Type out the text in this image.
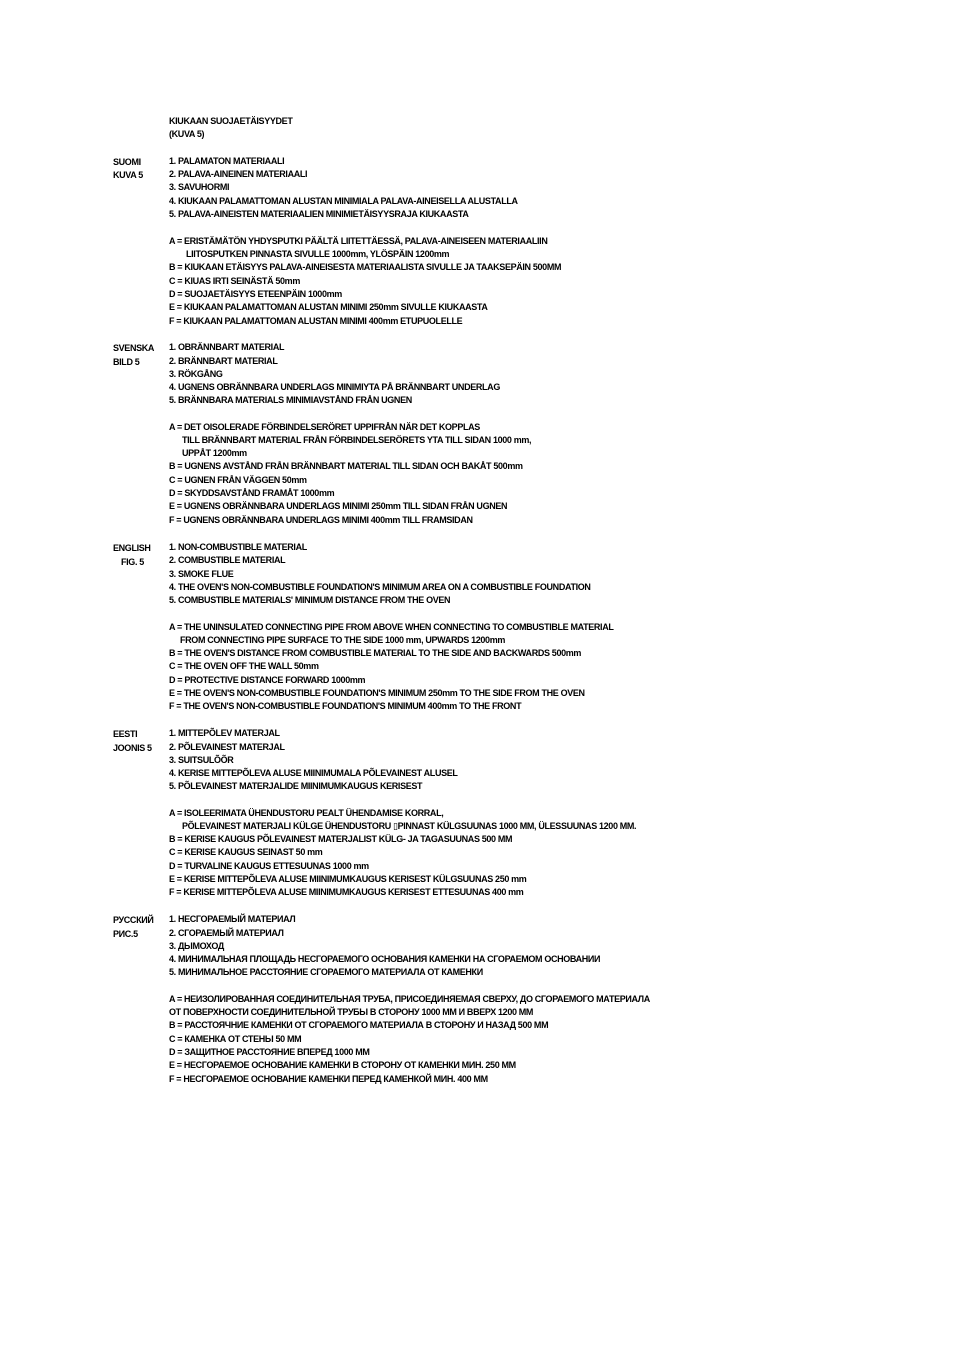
KIUKAAN SUOJAETÄISYYDET
(KUVA 5)
SUOMI
KUVA 5
1. PALAMATON MATERIAALI
2. PALAVA-AINEINEN MATERIAALI
3. SAVUHORMI
4. KIUKAAN PALAMATTOMAN ALUSTAN MINIMIALA PALAVA-AINEISELLA ALUSTALLA
5. PALAVA-AINEISTEN MATERIAALIEN MINIMIETÄISYYSRAJA KIUKAASTA
A = ERISTÄMÄTÖN YHDYSPUTKI PÄÄLTÄ LIITETTÄESSÄ, PALAVA-AINEISEEN MATERIAALIIN
LIITOSPUTKEN PINNASTA SIVULLE 1000mm, YLÖSPÄIN 1200mm
B = KIUKAAN ETÄISYYS PALAVA-AINEISESTA MATERIAALISTA SIVULLE JA TAAKSEPÄIN 500MM
C = KIUAS IRTI SEINÄSTÄ 50mm
D = SUOJAETÄISYYS ETEENPÄIN 1000mm
E = KIUKAAN PALAMATTOMAN ALUSTAN MINIMI 250mm SIVULLE KIUKAASTA
F = KIUKAAN PALAMATTOMAN ALUSTAN MINIMI 400mm ETUPUOLELLE
SVENSKA
BILD 5
1. OBRÄNNBART MATERIAL
2. BRÄNNBART MATERIAL
3. RÖKGÅNG
4. UGNENS OBRÄNNBARA UNDERLAGS MINIMIYTA PÅ BRÄNNBART UNDERLAG
5. BRÄNNBARA MATERIALS MINIMIAVSTÅND FRÅN UGNEN
A = DET OISOLERADE FÖRBINDELSERÖRET UPPIFRÅN NÄR DET KOPPLAS
TILL BRÄNNBART MATERIAL FRÅN FÖRBINDELSERÖRETS YTA TILL SIDAN 1000 mm,
UPPÅT 1200mm
B = UGNENS AVSTÅND FRÅN BRÄNNBART MATERIAL TILL SIDAN OCH BAKÅT 500mm
C = UGNEN FRÅN VÄGGEN 50mm
D = SKYDDSAVSTÅND FRAMÅT 1000mm
E = UGNENS OBRÄNNBARA UNDERLAGS MINIMI 250mm TILL SIDAN FRÅN UGNEN
F = UGNENS OBRÄNNBARA UNDERLAGS MINIMI 400mm TILL FRAMSIDAN
ENGLISH
FIG. 5
1. NON-COMBUSTIBLE MATERIAL
2. COMBUSTIBLE MATERIAL
3. SMOKE FLUE
4. THE OVEN'S NON-COMBUSTIBLE FOUNDATION'S MINIMUM AREA ON A COMBUSTIBLE FOUNDATION
5. COMBUSTIBLE MATERIALS' MINIMUM DISTANCE FROM THE OVEN
A = THE UNINSULATED CONNECTING PIPE FROM ABOVE WHEN CONNECTING TO COMBUSTIBLE MATERIAL
FROM CONNECTING PIPE SURFACE TO THE SIDE 1000 mm, UPWARDS 1200mm
B = THE OVEN'S DISTANCE FROM COMBUSTIBLE MATERIAL TO THE SIDE AND BACKWARDS 500mm
C = THE OVEN OFF THE WALL 50mm
D = PROTECTIVE DISTANCE FORWARD 1000mm
E = THE OVEN'S NON-COMBUSTIBLE FOUNDATION'S MINIMUM 250mm TO THE SIDE FROM THE OVEN
F = THE OVEN'S NON-COMBUSTIBLE FOUNDATION'S MINIMUM 400mm TO THE FRONT
EESTI
JOONIS 5
1. MITTEPÕLEV MATERJAL
2. PÕLEVAINEST MATERJAL
3. SUITSULÕÕR
4. KERISE MITTEPÕLEVA ALUSE MIINIMUMALA PÕLEVAINEST ALUSEL
5. PÕLEVAINEST MATERJALIDE MIINIMUMKAUGUS KERISEST
A = ISOLEERIMATA ÜHENDUSTORU PEALT ÜHENDAMISE KORRAL,
PÕLEVAINEST MATERJALI KÜLGE ÜHENDUSTORU ▯PINNAST KÜLGSUUNAS 1000 MM, ÜLESSUUNAS 1200 MM.
B = KERISE KAUGUS PÕLEVAINEST MATERJALIST KÜLG- JA TAGASUUNAS 500 MM
C = KERISE KAUGUS SEINAST 50 mm
D = TURVALINE KAUGUS ETTESUUNAS 1000 mm
E = KERISE MITTEPÕLEVA ALUSE MIINIMUMKAUGUS KERISEST KÜLGSUUNAS 250 mm
F = KERISE MITTEPÕLEVA ALUSE MIINIMUMKAUGUS KERISEST ETTESUUNAS 400 mm
РУССКИЙ
РИС.5
1. НЕСГОРАЕМЫЙ МАТЕРИАЛ
2. СГОРАЕМЫЙ МАТЕРИАЛ
3. ДЫМОХОД
4. МИНИМАЛЬНАЯ ПЛОЩАДЬ НЕСГОРАЕМОГО ОСНОВАНИЯ КАМЕНКИ НА СГОРАЕМОМ ОСНОВАНИИ
5. МИНИМАЛЬНОЕ РАССТОЯНИЕ СГОРАЕМОГО МАТЕРИАЛА ОТ КАМЕНКИ
A = НЕИЗОЛИРОВАННАЯ СОЕДИНИТЕЛЬНАЯ ТРУБА, ПРИСОЕДИНЯЕМАЯ СВЕРХУ, ДО СГОРАЕМОГО МАТЕРИАЛА
ОТ ПОВЕРХНОСТИ СОЕДИНИТЕЛЬНОЙ ТРУБЫ В СТОРОНУ 1000 ММ И ВВЕРХ 1200 ММ
B = РАССТОЯЧНИЕ КАМЕНКИ ОТ СГОРАЕМОГО МАТЕРИАЛА В СТОРОНУ И НАЗАД 500 ММ
C = КАМЕНКА ОТ СТЕНЫ 50 ММ
D = ЗАЩИТНОЕ РАССТОЯНИЕ ВПЕРЕД 1000 ММ
E = НЕСГОРАЕМОЕ ОСНОВАНИЕ КАМЕНКИ В СТОРОНУ ОТ КАМЕНКИ МИН. 250 ММ
F = НЕСГОРАЕМОЕ ОСНОВАНИЕ КАМЕНКИ ПЕРЕД КАМЕНКОЙ МИН. 400 ММ
